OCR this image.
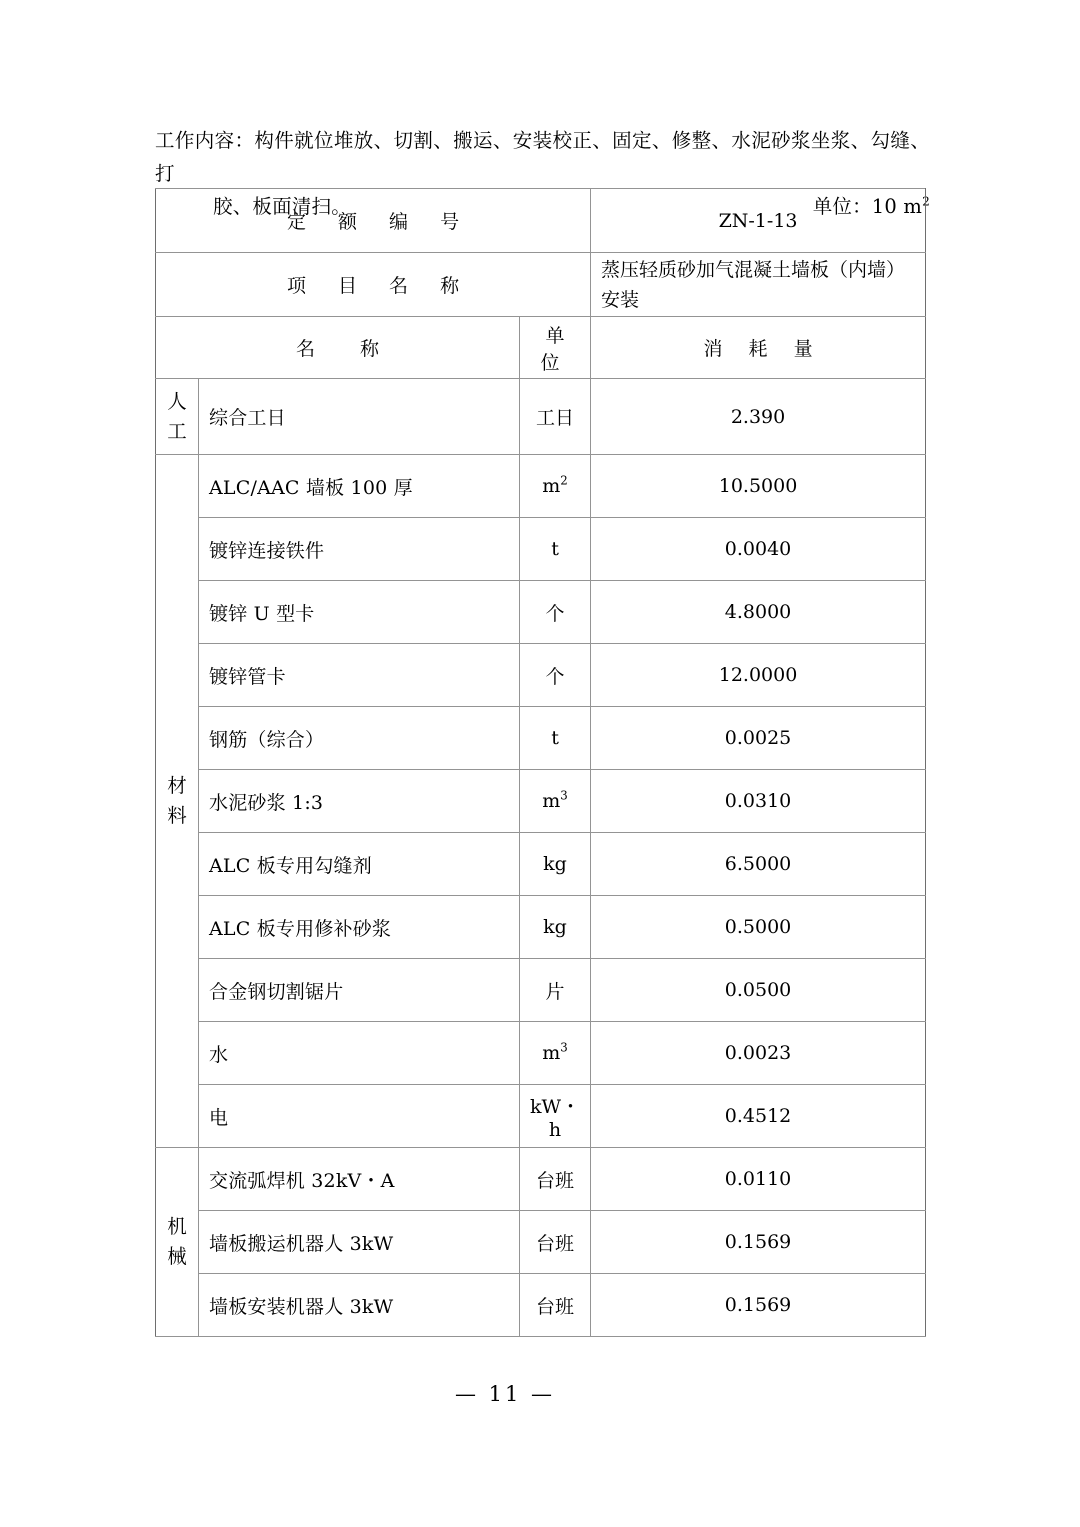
工作内容：构件就位堆放、切割、搬运、安装校正、固定、修整、水泥砂浆坐浆、勾缝、打
胶、板面清扫。	单位：10 $m^2$
定 额 编 号			ZN-1-13
项 目 名 称			蒸压轻质砂加气混凝土墙板（内墙）安装
名　称		单 位	消 耗 量
人工	综合工日	工日	2.390
材料	ALC/AAC 墙板 100 厚	$m^2$	10.5000
	镀锌连接铁件	t	0.0040
	镀锌 U 型卡	个	4.8000
	镀锌管卡	个	12.0000
	钢筋（综合）	t	0.0025
	水泥砂浆 1:3	$m^3$	0.0310
	ALC 板专用勾缝剂	kg	6.5000
	ALC 板专用修补砂浆	kg	0.5000
	合金钢切割锯片	片	0.0500
	水	$m^3$	0.0023
	电	kW・h	0.4512
机械	交流弧焊机 32kV・A	台班	0.0110
	墙板搬运机器人 3kW	台班	0.1569
	墙板安装机器人 3kW	台班	0.1569
— 11 —
